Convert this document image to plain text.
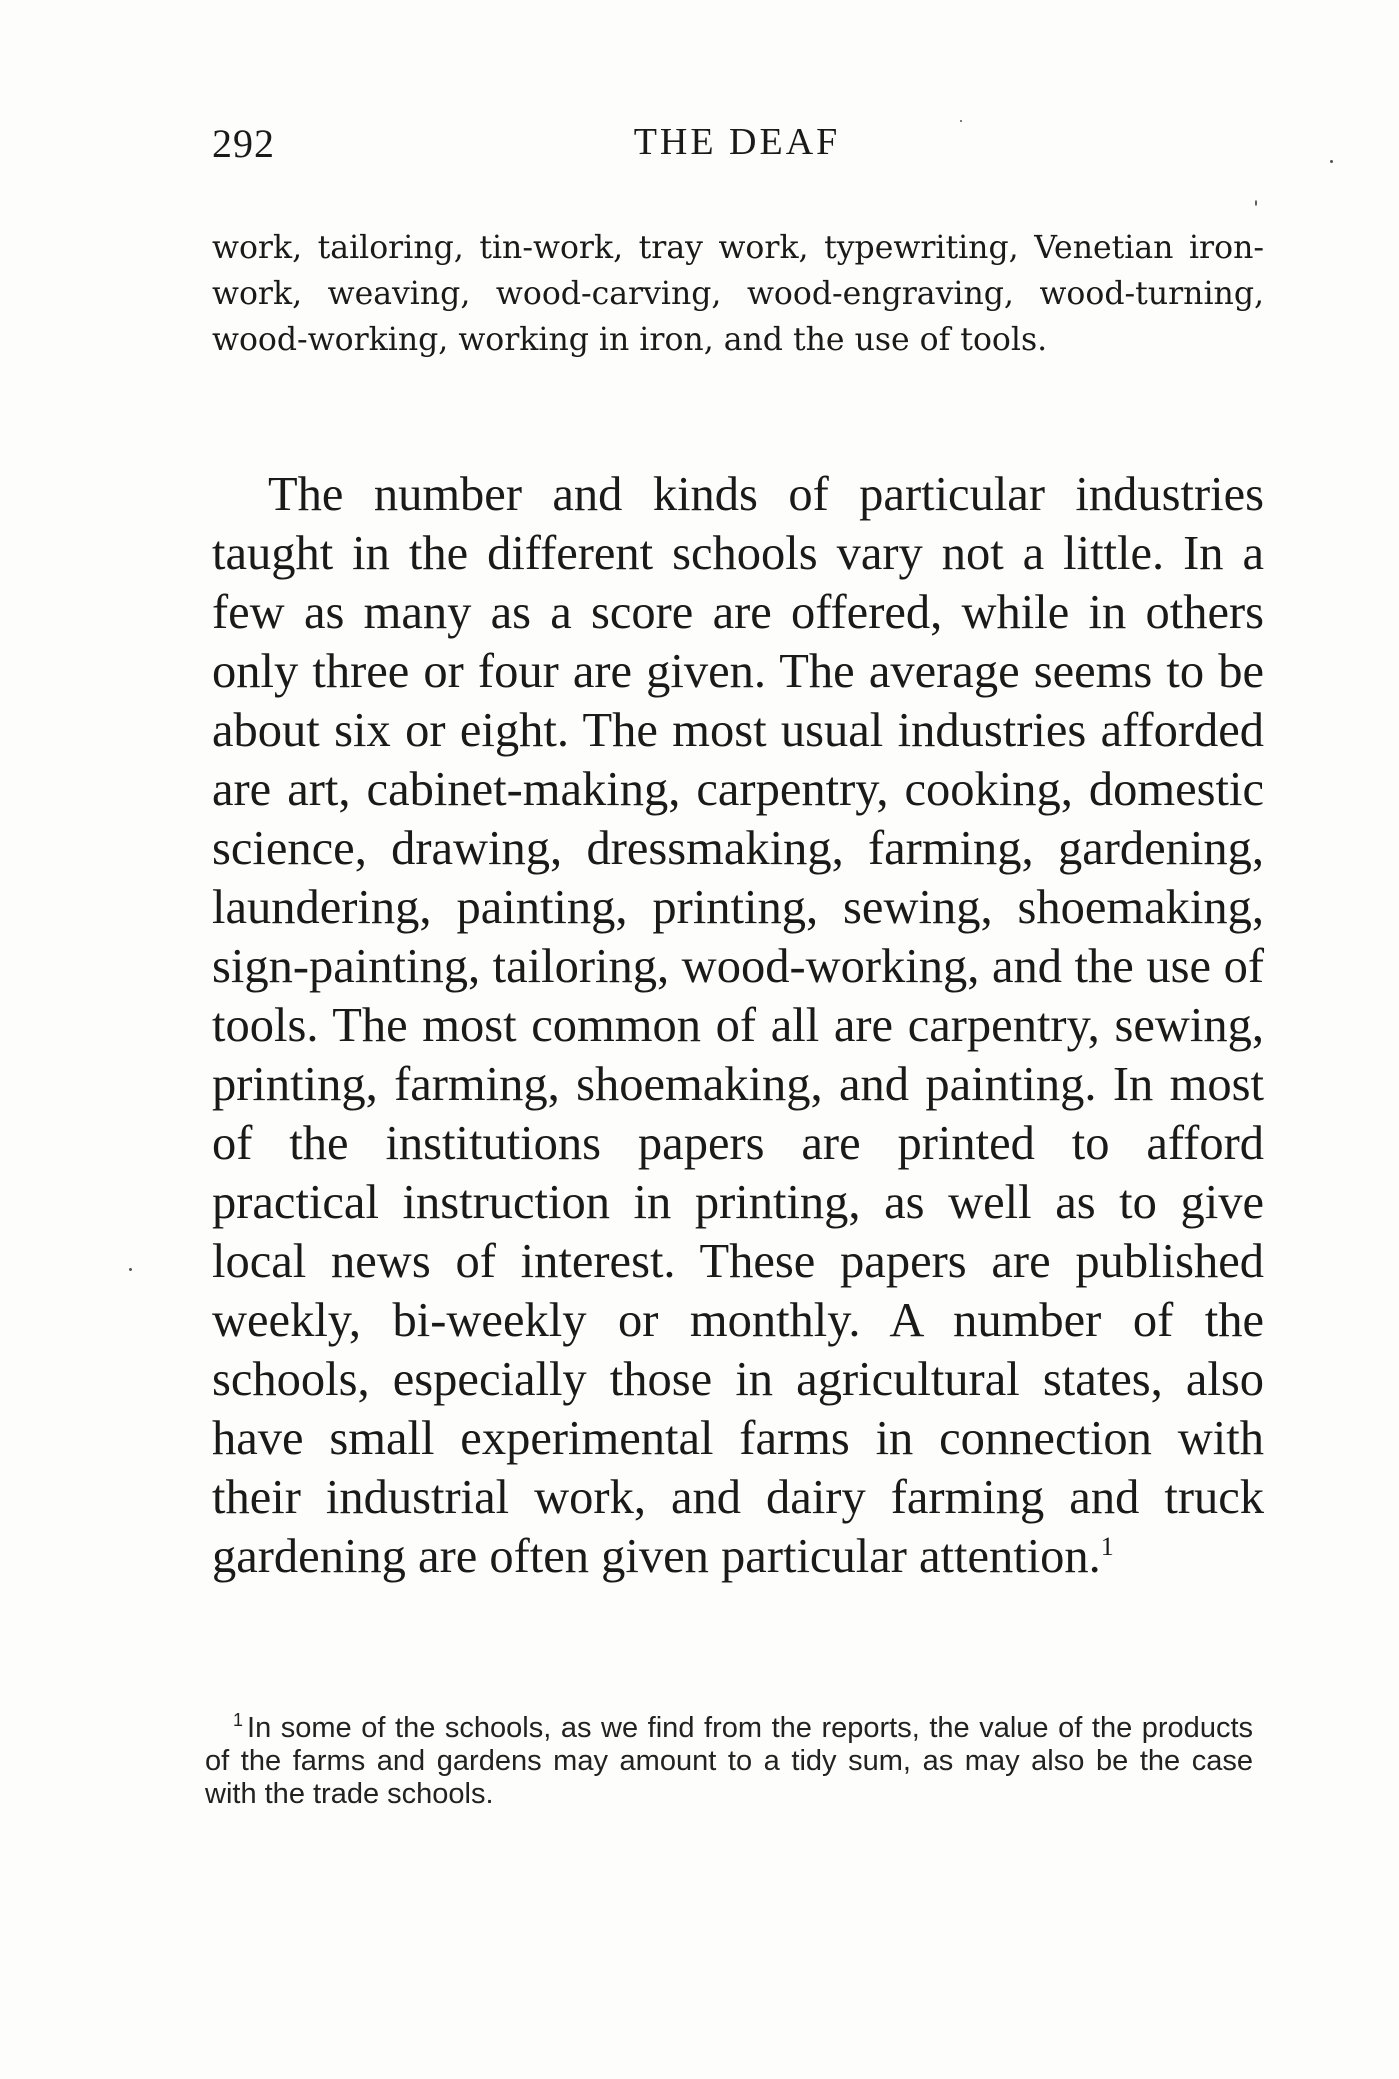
292	THE DEAF

work, tailoring, tin-work, tray work, typewriting, Venetian iron-work, weaving, wood-carving, wood-engraving, wood-turning, wood-working, working in iron, and the use of tools.

The number and kinds of particular industries taught in the different schools vary not a little. In a few as many as a score are offered, while in others only three or four are given. The average seems to be about six or eight. The most usual industries afforded are art, cabinet-making, carpentry, cooking, domestic science, drawing, dressmaking, farming, gardening, laundering, painting, printing, sewing, shoemaking, sign-painting, tailoring, wood-working, and the use of tools. The most common of all are carpentry, sewing, printing, farming, shoemaking, and painting. In most of the institutions papers are printed to afford practical instruction in printing, as well as to give local news of interest. These papers are published weekly, bi-weekly or monthly. A number of the schools, especially those in agricultural states, also have small experimental farms in connection with their industrial work, and dairy farming and truck gardening are often given particular attention.$^1$

$^1$ In some of the schools, as we find from the reports, the value of the products of the farms and gardens may amount to a tidy sum, as may also be the case with the trade schools.
